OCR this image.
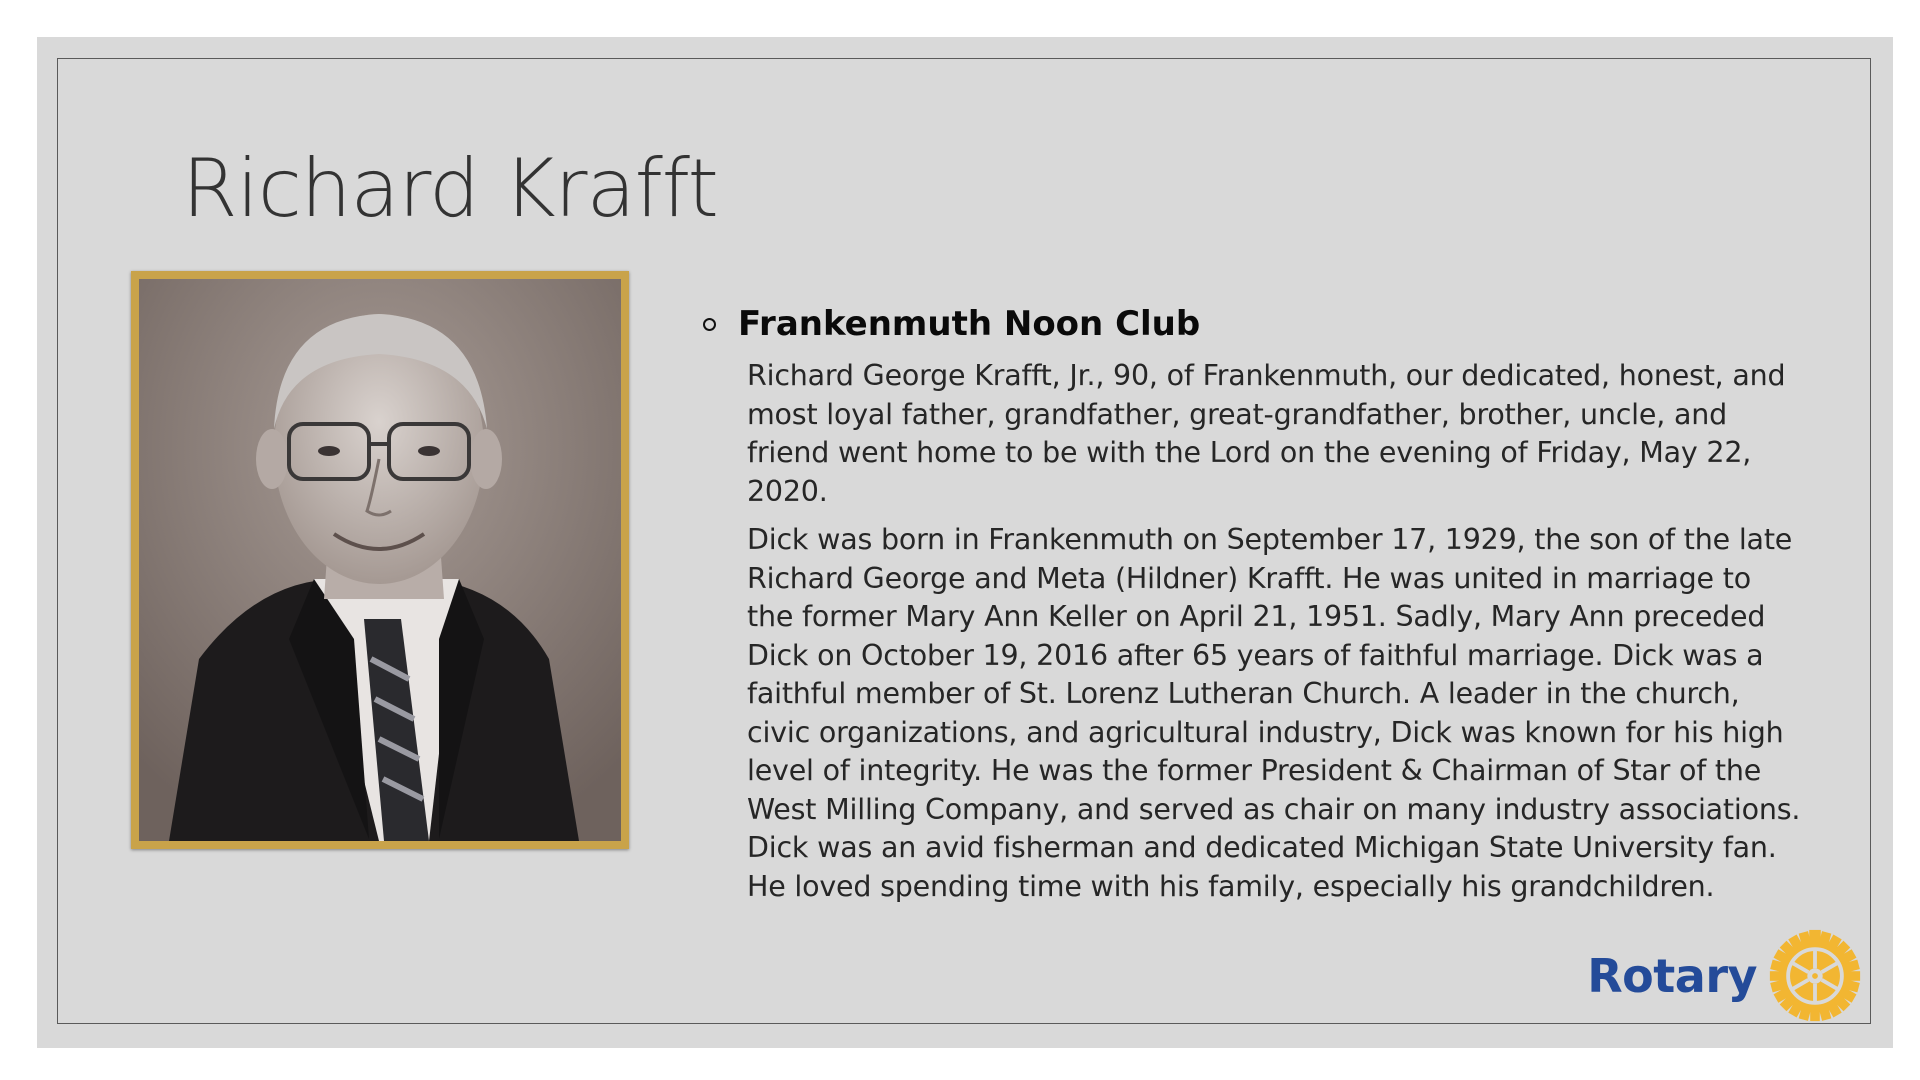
Richard Krafft
Frankenmuth Noon Club

Richard George Krafft, Jr., 90, of Frankenmuth, our dedicated, honest, and most loyal father, grandfather, great-grandfather, brother, uncle, and friend went home to be with the Lord on the evening of Friday, May 22, 2020.

Dick was born in Frankenmuth on September 17, 1929, the son of the late Richard George and Meta (Hildner) Krafft. He was united in marriage to the former Mary Ann Keller on April 21, 1951. Sadly, Mary Ann preceded Dick on October 19, 2016 after 65 years of faithful marriage. Dick was a faithful member of St. Lorenz Lutheran Church. A leader in the church, civic organizations, and agricultural industry, Dick was known for his high level of integrity. He was the former President & Chairman of Star of the West Milling Company, and served as chair on many industry associations. Dick was an avid fisherman and dedicated Michigan State University fan. He loved spending time with his family, especially his grandchildren.

Rotary
